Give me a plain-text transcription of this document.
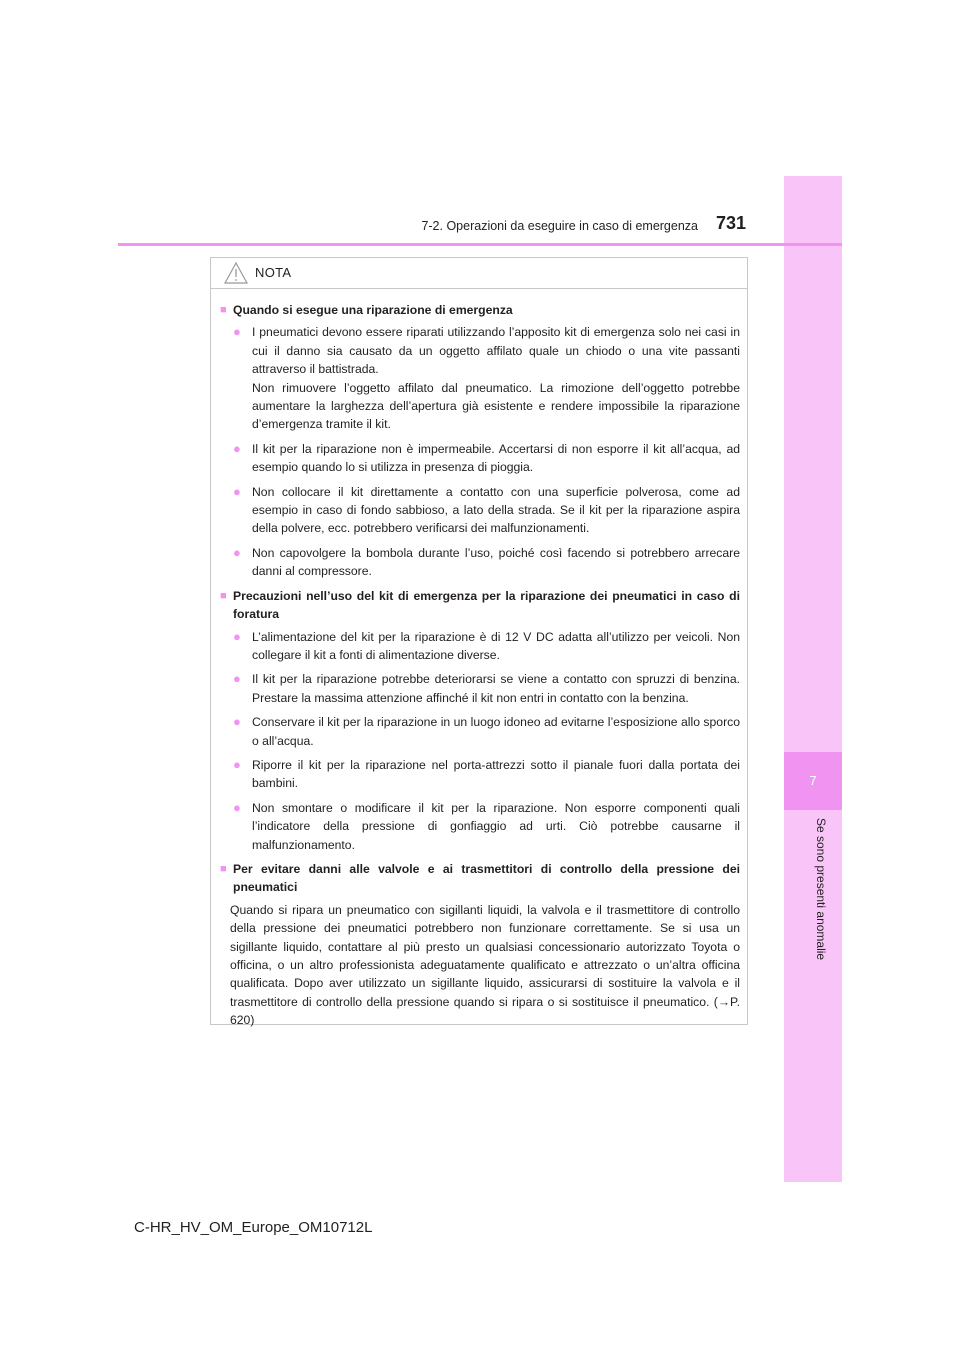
7
Se sono presenti anomalie
7-2. Operazioni da eseguire in caso di emergenza 731
NOTA
■ Quando si esegue una riparazione di emergenza
● I pneumatici devono essere riparati utilizzando l’apposito kit di emergenza solo nei casi in cui il danno sia causato da un oggetto affilato quale un chiodo o una vite passanti attraverso il battistrada.
Non rimuovere l’oggetto affilato dal pneumatico. La rimozione dell’oggetto potrebbe aumentare la larghezza dell’apertura già esistente e rendere impossibile la riparazione d’emergenza tramite il kit.
● Il kit per la riparazione non è impermeabile. Accertarsi di non esporre il kit all’acqua, ad esempio quando lo si utilizza in presenza di pioggia.
● Non collocare il kit direttamente a contatto con una superficie polverosa, come ad esempio in caso di fondo sabbioso, a lato della strada. Se il kit per la riparazione aspira della polvere, ecc. potrebbero verificarsi dei malfunzionamenti.
● Non capovolgere la bombola durante l’uso, poiché così facendo si potrebbero arrecare danni al compressore.
■ Precauzioni nell’uso del kit di emergenza per la riparazione dei pneumatici in caso di foratura
● L’alimentazione del kit per la riparazione è di 12 V DC adatta all’utilizzo per veicoli. Non collegare il kit a fonti di alimentazione diverse.
● Il kit per la riparazione potrebbe deteriorarsi se viene a contatto con spruzzi di benzina. Prestare la massima attenzione affinché il kit non entri in contatto con la benzina.
● Conservare il kit per la riparazione in un luogo idoneo ad evitarne l’esposizione allo sporco o all’acqua.
● Riporre il kit per la riparazione nel porta-attrezzi sotto il pianale fuori dalla portata dei bambini.
● Non smontare o modificare il kit per la riparazione. Non esporre componenti quali l’indicatore della pressione di gonfiaggio ad urti. Ciò potrebbe causarne il malfunzionamento.
■ Per evitare danni alle valvole e ai trasmettitori di controllo della pressione dei pneumatici
Quando si ripara un pneumatico con sigillanti liquidi, la valvola e il trasmettitore di controllo della pressione dei pneumatici potrebbero non funzionare correttamente. Se si usa un sigillante liquido, contattare al più presto un qualsiasi concessionario autorizzato Toyota o officina, o un altro professionista adeguatamente qualificato e attrezzato o un’altra officina qualificata. Dopo aver utilizzato un sigillante liquido, assicurarsi di sostituire la valvola e il trasmettitore di controllo della pressione quando si ripara o si sostituisce il pneumatico. (→P. 620)
C-HR_HV_OM_Europe_OM10712L
